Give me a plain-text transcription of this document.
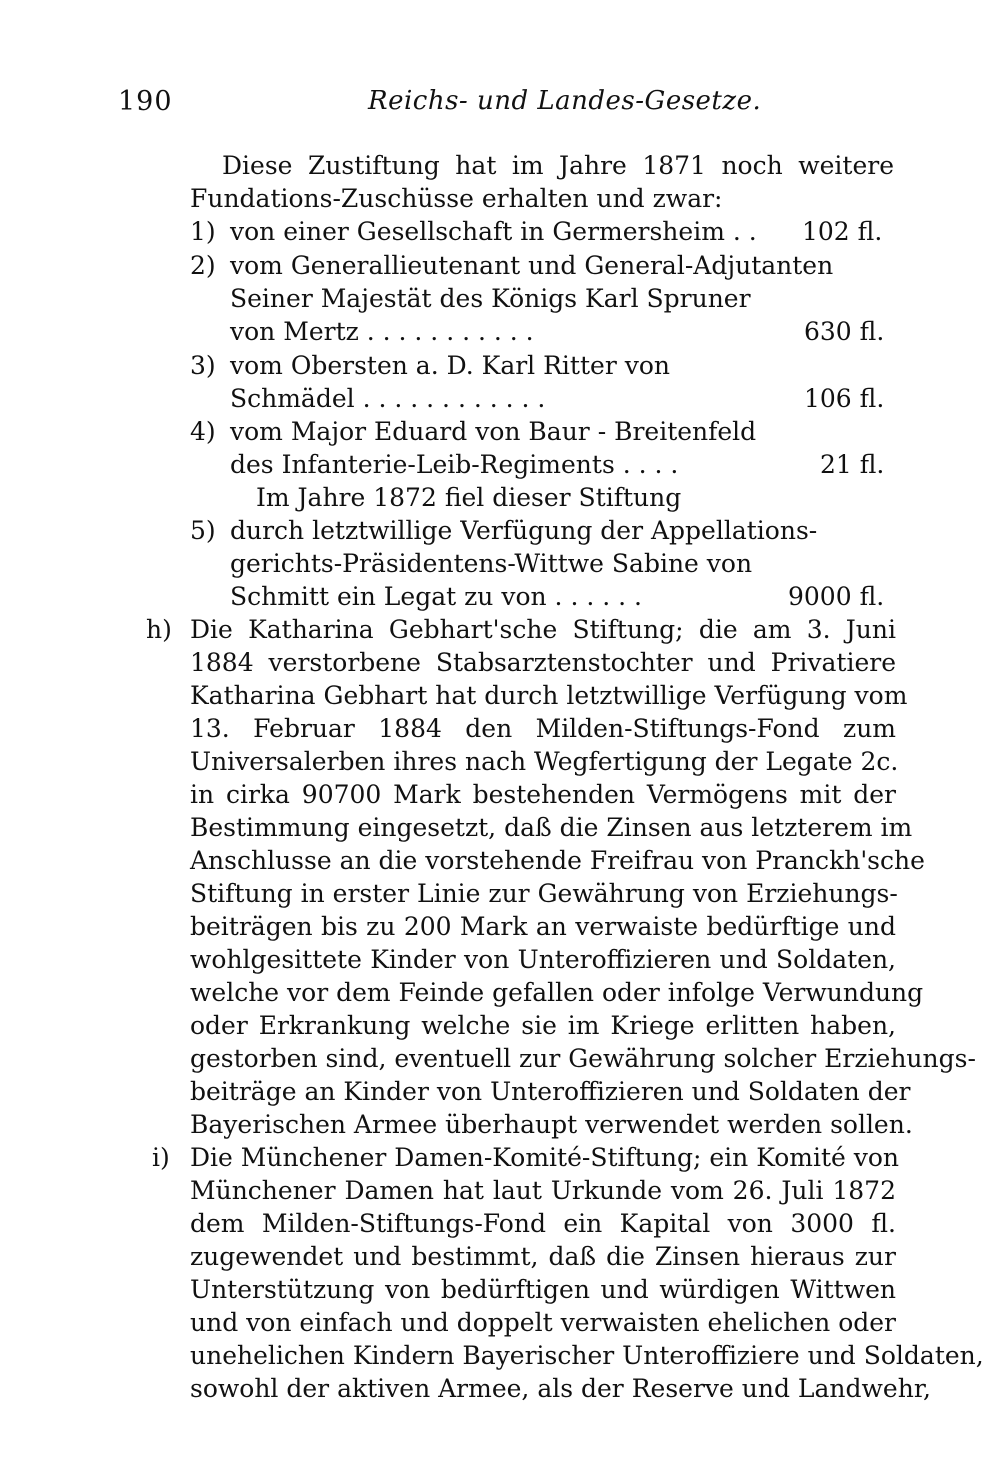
190	Reichs- und Landes-Gesetze.
Diese Zustiftung hat im Jahre 1871 noch weitere
Fundations-Zuschüsse erhalten und zwar:
1) von einer Gesellschaft in Germersheim . . 102 fl.
2) vom Generallieutenant und General-Adjutanten
Seiner Majestät des Königs Karl Spruner
von Mertz . . . . . . . . . . .	630 fl.
3) vom Obersten a. D. Karl Ritter von
Schmädel . . . . . . . . . . . .	106 fl.
4) vom Major Eduard von Baur - Breitenfeld
des Infanterie-Leib-Regiments . . . .	21 fl.
Im Jahre 1872 fiel dieser Stiftung
5) durch letztwillige Verfügung der Appellations-
gerichts-Präsidentens-Wittwe Sabine von
Schmitt ein Legat zu von . . . . . .	9000 fl.
h) Die Katharina Gebhart'sche Stiftung; die am 3. Juni
1884 verstorbene Stabsarztenstochter und Privatiere
Katharina Gebhart hat durch letztwillige Verfügung vom
13. Februar 1884 den Milden-Stiftungs-Fond zum
Universalerben ihres nach Wegfertigung der Legate 2c.
in cirka 90700 Mark bestehenden Vermögens mit der
Bestimmung eingesetzt, daß die Zinsen aus letzterem im
Anschlusse an die vorstehende Freifrau von Pranckh'sche
Stiftung in erster Linie zur Gewährung von Erziehungs-
beiträgen bis zu 200 Mark an verwaiste bedürftige und
wohlgesittete Kinder von Unteroffizieren und Soldaten,
welche vor dem Feinde gefallen oder infolge Verwundung
oder Erkrankung welche sie im Kriege erlitten haben,
gestorben sind, eventuell zur Gewährung solcher Erziehungs-
beiträge an Kinder von Unteroffizieren und Soldaten der
Bayerischen Armee überhaupt verwendet werden sollen.
i) Die Münchener Damen-Komité-Stiftung; ein Komité von
Münchener Damen hat laut Urkunde vom 26. Juli 1872
dem Milden-Stiftungs-Fond ein Kapital von 3000 fl.
zugewendet und bestimmt, daß die Zinsen hieraus zur
Unterstützung von bedürftigen und würdigen Wittwen
und von einfach und doppelt verwaisten ehelichen oder
unehelichen Kindern Bayerischer Unteroffiziere und Soldaten,
sowohl der aktiven Armee, als der Reserve und Landwehr,
